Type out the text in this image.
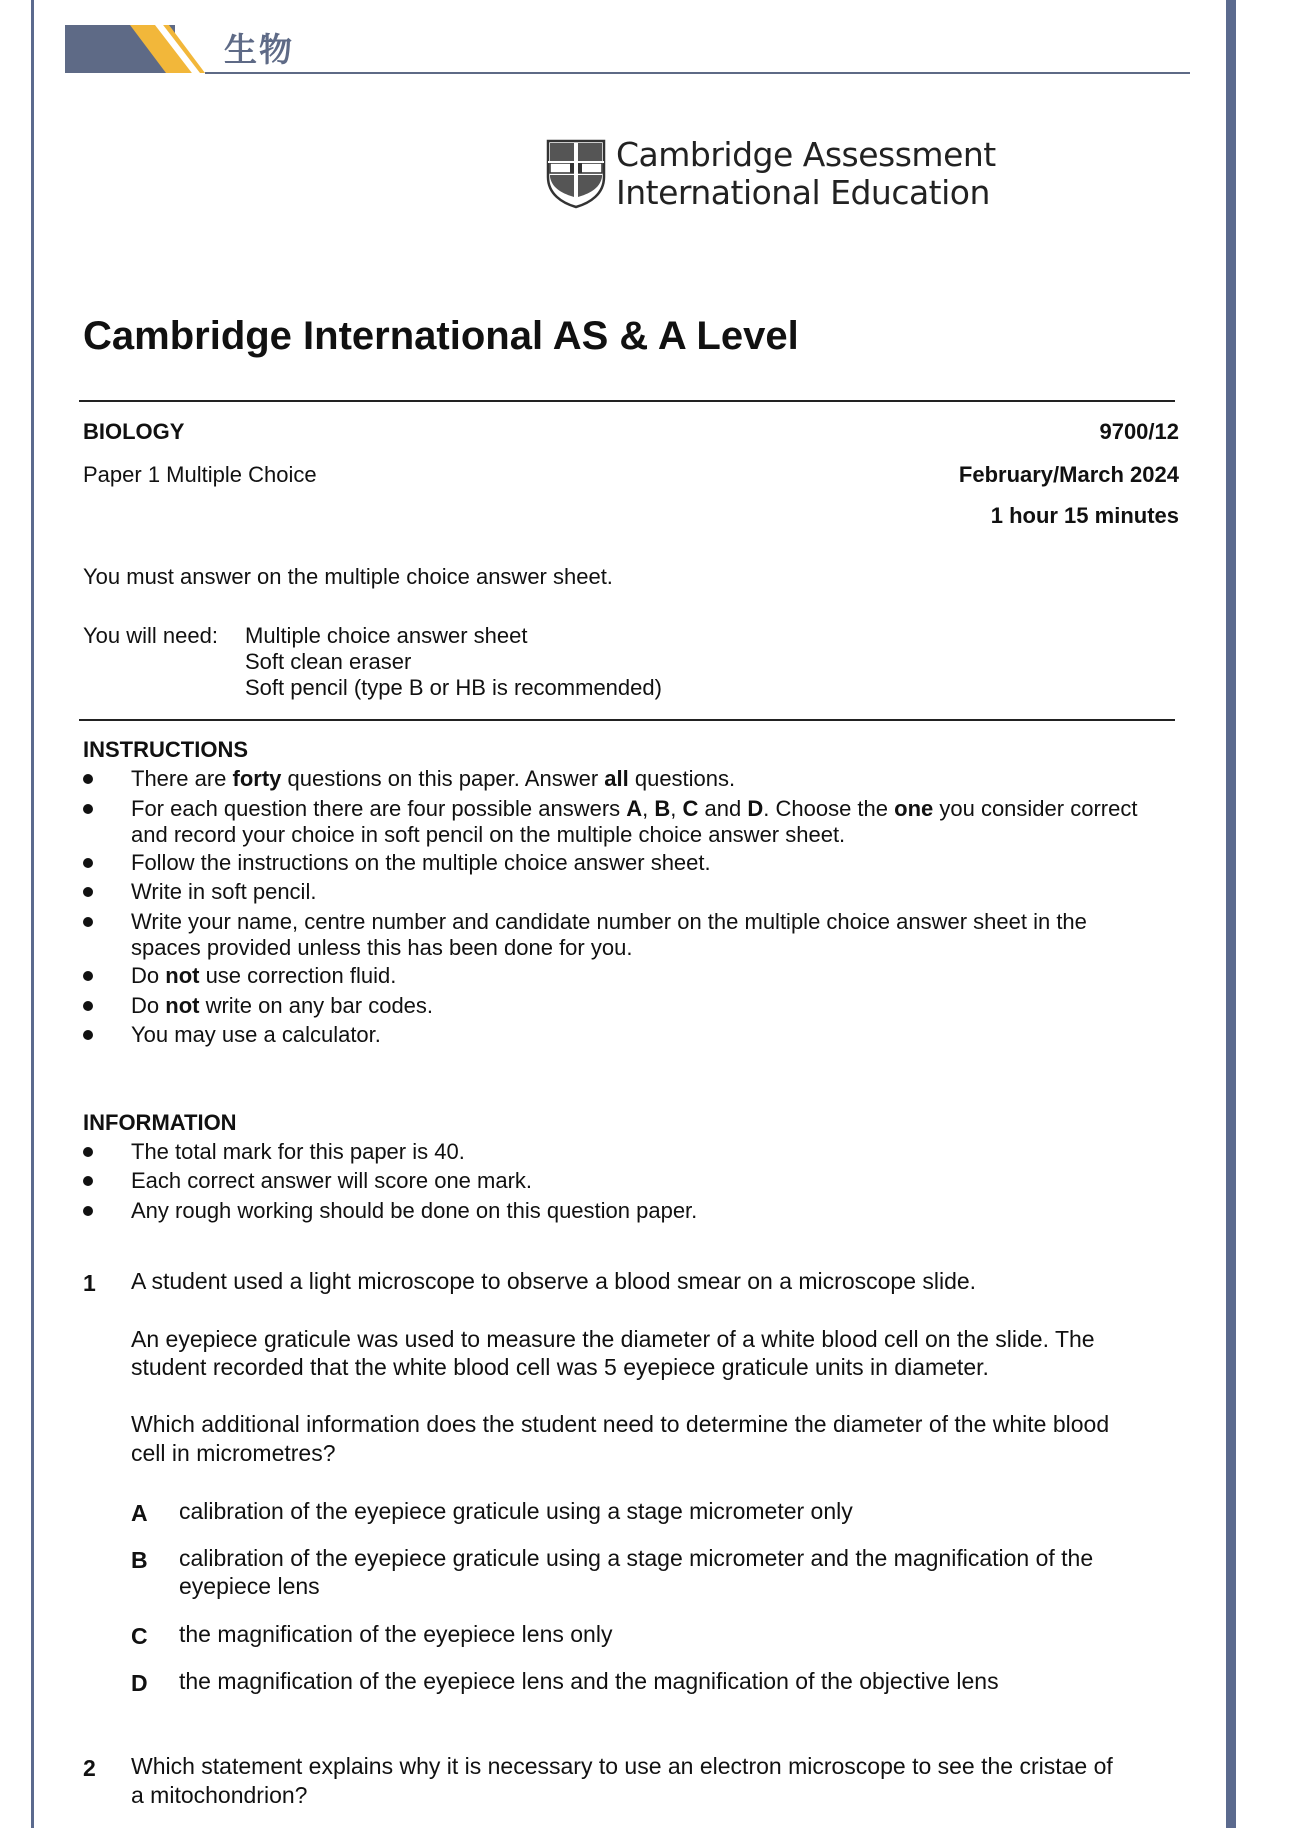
生物
Cambridge Assessment
International Education
Cambridge International AS & A Level
BIOLOGY	9700/12
Paper 1 Multiple Choice	February/March 2024
1 hour 15 minutes
You must answer on the multiple choice answer sheet.
You will need: Multiple choice answer sheet
Soft clean eraser
Soft pencil (type B or HB is recommended)
INSTRUCTIONS
There are forty questions on this paper. Answer all questions.
For each question there are four possible answers A, B, C and D. Choose the one you consider correct
and record your choice in soft pencil on the multiple choice answer sheet.
Follow the instructions on the multiple choice answer sheet.
Write in soft pencil.
Write your name, centre number and candidate number on the multiple choice answer sheet in the
spaces provided unless this has been done for you.
Do not use correction fluid.
Do not write on any bar codes.
You may use a calculator.
INFORMATION
The total mark for this paper is 40.
Each correct answer will score one mark.
Any rough working should be done on this question paper.
1 A student used a light microscope to observe a blood smear on a microscope slide.
An eyepiece graticule was used to measure the diameter of a white blood cell on the slide. The
student recorded that the white blood cell was 5 eyepiece graticule units in diameter.
Which additional information does the student need to determine the diameter of the white blood
cell in micrometres?
A calibration of the eyepiece graticule using a stage micrometer only
B calibration of the eyepiece graticule using a stage micrometer and the magnification of the
eyepiece lens
C the magnification of the eyepiece lens only
D the magnification of the eyepiece lens and the magnification of the objective lens
2 Which statement explains why it is necessary to use an electron microscope to see the cristae of
a mitochondrion?
